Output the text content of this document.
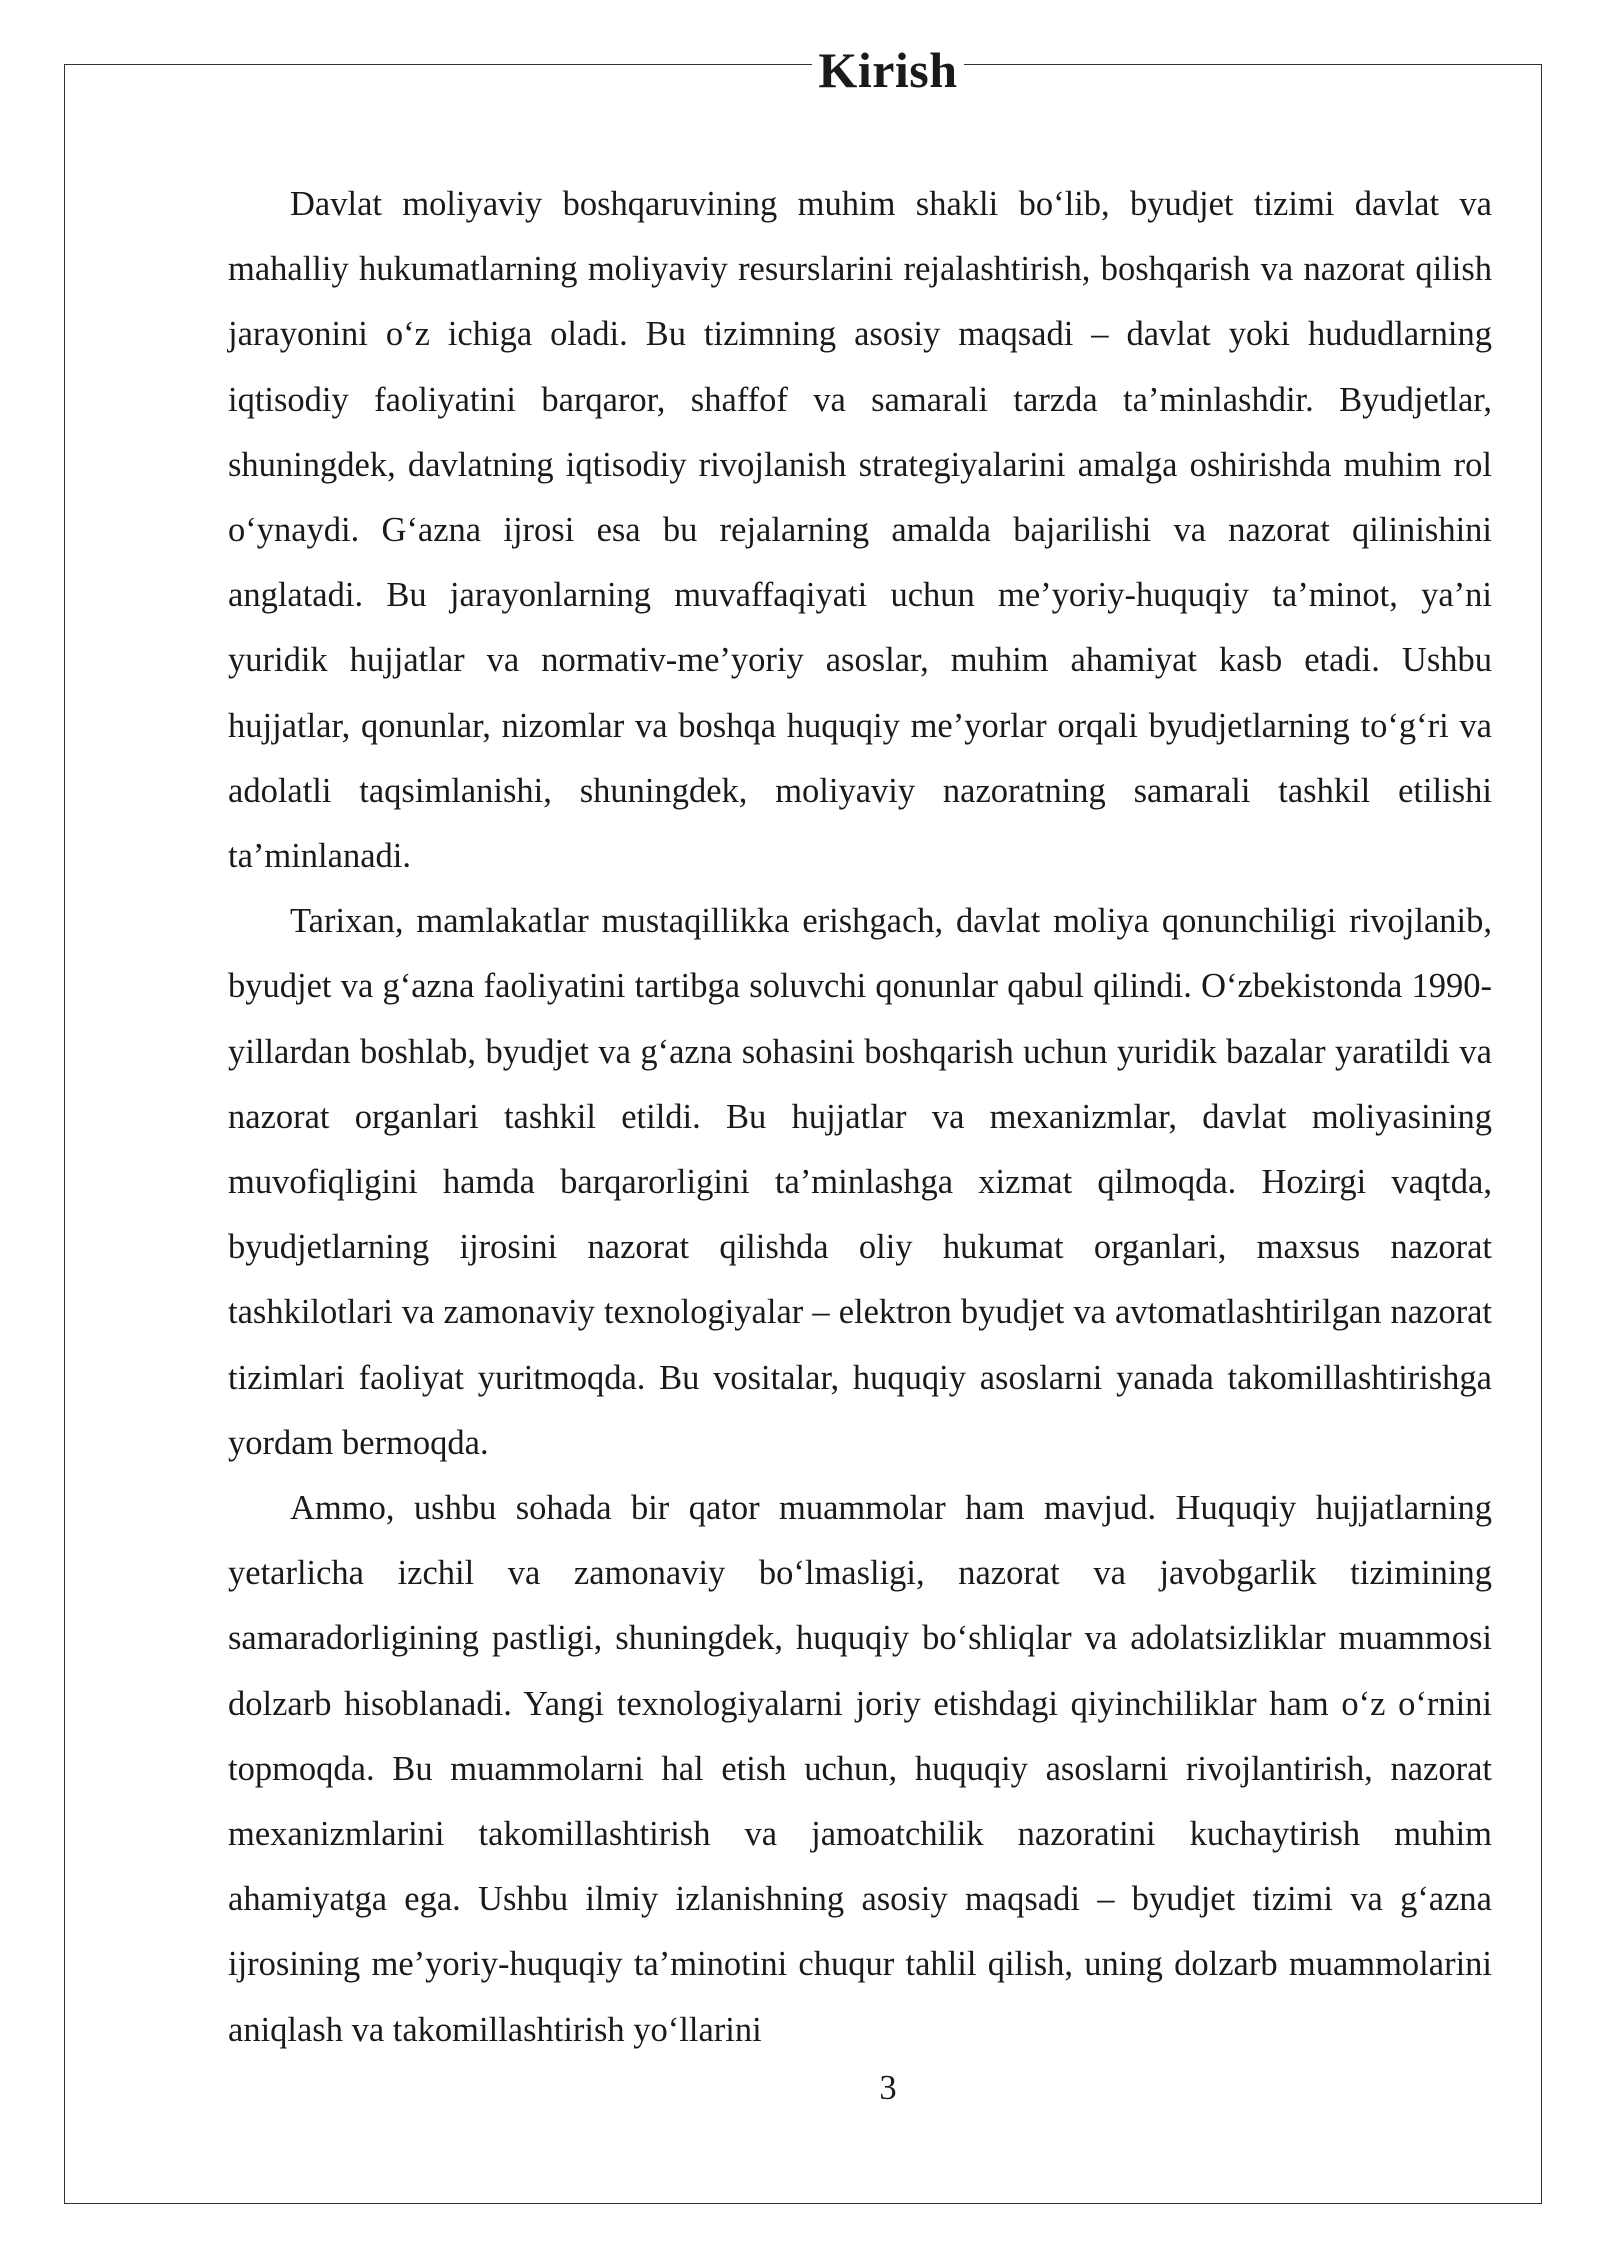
Kirish

Davlat moliyaviy boshqaruvining muhim shakli bo‘lib, byudjet tizimi davlat va mahalliy hukumatlarning moliyaviy resurslarini rejalashtirish, boshqarish va nazorat qilish jarayonini o‘z ichiga oladi. Bu tizimning asosiy maqsadi – davlat yoki hududlarning iqtisodiy faoliyatini barqaror, shaffof va samarali tarzda ta’minlashdir. Byudjetlar, shuningdek, davlatning iqtisodiy rivojlanish strategiyalarini amalga oshirishda muhim rol o‘ynaydi. G‘azna ijrosi esa bu rejalarning amalda bajarilishi va nazorat qilinishini anglatadi. Bu jarayonlarning muvaffaqiyati uchun me’yoriy-huquqiy ta’minot, ya’ni yuridik hujjatlar va normativ-me’yoriy asoslar, muhim ahamiyat kasb etadi. Ushbu hujjatlar, qonunlar, nizomlar va boshqa huquqiy me’yorlar orqali byudjetlarning to‘g‘ri va adolatli taqsimlanishi, shuningdek, moliyaviy nazoratning samarali tashkil etilishi ta’minlanadi.

Tarixan, mamlakatlar mustaqillikka erishgach, davlat moliya qonunchiligi rivojlanib, byudjet va g‘azna faoliyatini tartibga soluvchi qonunlar qabul qilindi. O‘zbekistonda 1990-yillardan boshlab, byudjet va g‘azna sohasini boshqarish uchun yuridik bazalar yaratildi va nazorat organlari tashkil etildi. Bu hujjatlar va mexanizmlar, davlat moliyasining muvofiqligini hamda barqarorligini ta’minlashga xizmat qilmoqda. Hozirgi vaqtda, byudjetlarning ijrosini nazorat qilishda oliy hukumat organlari, maxsus nazorat tashkilotlari va zamonaviy texnologiyalar – elektron byudjet va avtomatlashtirilgan nazorat tizimlari faoliyat yuritmoqda. Bu vositalar, huquqiy asoslarni yanada takomillashtirishga yordam bermoqda.

Ammo, ushbu sohada bir qator muammolar ham mavjud. Huquqiy hujjatlarning yetarlicha izchil va zamonaviy bo‘lmasligi, nazorat va javobgarlik tizimining samaradorligining pastligi, shuningdek, huquqiy bo‘shliqlar va adolatsizliklar muammosi dolzarb hisoblanadi. Yangi texnologiyalarni joriy etishdagi qiyinchiliklar ham o‘z o‘rnini topmoqda. Bu muammolarni hal etish uchun, huquqiy asoslarni rivojlantirish, nazorat mexanizmlarini takomillashtirish va jamoatchilik nazoratini kuchaytirish muhim ahamiyatga ega. Ushbu ilmiy izlanishning asosiy maqsadi – byudjet tizimi va g‘azna ijrosining me’yoriy-huquqiy ta’minotini chuqur tahlil qilish, uning dolzarb muammolarini aniqlash va takomillashtirish yo‘llarini

3
